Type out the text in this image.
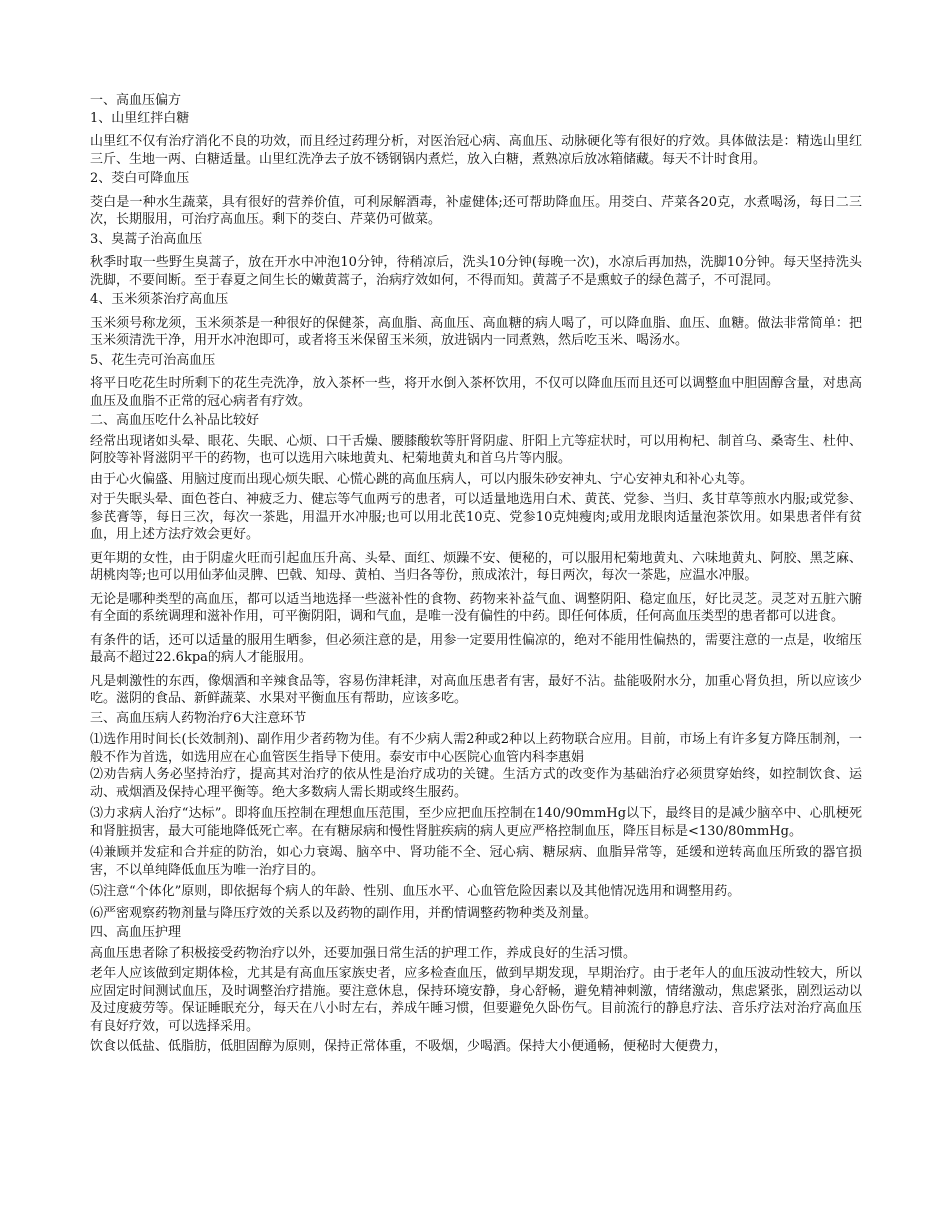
一、高血压偏方
1、山里红拌白糖

山里红不仅有治疗消化不良的功效，而且经过药理分析，对医治冠心病、高血压、动脉硬化等有很好的疗效。具体做法是：精选山里红三斤、生地一两、白糖适量。山里红洗净去子放不锈钢锅内煮烂，放入白糖，煮熟凉后放冰箱储藏。每天不计时食用。

2、茭白可降血压

茭白是一种水生蔬菜，具有很好的营养价值，可利尿解酒毒，补虚健体;还可帮助降血压。用茭白、芹菜各20克，水煮喝汤，每日二三次，长期服用，可治疗高血压。剩下的茭白、芹菜仍可做菜。

3、臭蒿子治高血压

秋季时取一些野生臭蒿子，放在开水中冲泡10分钟，待稍凉后，洗头10分钟(每晚一次)，水凉后再加热，洗脚10分钟。每天坚持洗头洗脚，不要间断。至于春夏之间生长的嫩黄蒿子，治病疗效如何，不得而知。黄蒿子不是熏蚊子的绿色蒿子，不可混同。

4、玉米须茶治疗高血压

玉米须号称龙须，玉米须茶是一种很好的保健茶，高血脂、高血压、高血糖的病人喝了，可以降血脂、血压、血糖。做法非常简单：把玉米须清洗干净，用开水冲泡即可，或者将玉米保留玉米须，放进锅内一同煮熟，然后吃玉米、喝汤水。

5、花生壳可治高血压

将平日吃花生时所剩下的花生壳洗净，放入茶杯一些，将开水倒入茶杯饮用，不仅可以降血压而且还可以调整血中胆固醇含量，对患高血压及血脂不正常的冠心病者有疗效。

二、高血压吃什么补品比较好

经常出现诸如头晕、眼花、失眠、心烦、口干舌燥、腰膝酸软等肝肾阴虚、肝阳上亢等症状时，可以用枸杞、制首乌、桑寄生、杜仲、阿胶等补肾滋阴平干的药物，也可以选用六味地黄丸、杞菊地黄丸和首乌片等内服。

由于心火偏盛、用脑过度而出现心烦失眠、心慌心跳的高血压病人，可以内服朱砂安神丸、宁心安神丸和补心丸等。

对于失眠头晕、面色苍白、神疲乏力、健忘等气血两亏的患者，可以适量地选用白术、黄芪、党参、当归、炙甘草等煎水内服;或党参、参芪膏等，每日三次，每次一茶匙，用温开水冲服;也可以用北芪10克、党参10克炖瘦肉;或用龙眼肉适量泡茶饮用。如果患者伴有贫血，用上述方法疗效会更好。

更年期的女性，由于阴虚火旺而引起血压升高、头晕、面红、烦躁不安、便秘的，可以服用杞菊地黄丸、六味地黄丸、阿胶、黑芝麻、胡桃肉等;也可以用仙茅仙灵脾、巴戟、知母、黄柏、当归各等份，煎成浓汁，每日两次，每次一茶匙，应温水冲服。

无论是哪种类型的高血压，都可以适当地选择一些滋补性的食物、药物来补益气血、调整阴阳、稳定血压，好比灵芝。灵芝对五脏六腑有全面的系统调理和滋补作用，可平衡阴阳，调和气血，是唯一没有偏性的中药。即任何体质，任何高血压类型的患者都可以进食。

有条件的话，还可以适量的服用生晒参，但必须注意的是，用参一定要用性偏凉的，绝对不能用性偏热的，需要注意的一点是，收缩压最高不超过22.6kpa的病人才能服用。

凡是刺激性的东西，像烟酒和辛辣食品等，容易伤津耗津，对高血压患者有害，最好不沾。盐能吸附水分，加重心肾负担，所以应该少吃。滋阴的食品、新鲜蔬菜、水果对平衡血压有帮助，应该多吃。

三、高血压病人药物治疗6大注意环节

⑴选作用时间长(长效制剂)、副作用少者药物为佳。有不少病人需2种或2种以上药物联合应用。目前，市场上有许多复方降压制剂，一般不作为首选，如选用应在心血管医生指导下使用。泰安市中心医院心血管内科李惠娟

⑵劝告病人务必坚持治疗，提高其对治疗的依从性是治疗成功的关键。生活方式的改变作为基础治疗必须贯穿始终，如控制饮食、运动、戒烟酒及保持心理平衡等。绝大多数病人需长期或终生服药。

⑶力求病人治疗“达标”。即将血压控制在理想血压范围，至少应把血压控制在140/90mmHg以下，最终目的是减少脑卒中、心肌梗死和肾脏损害，最大可能地降低死亡率。在有糖尿病和慢性肾脏疾病的病人更应严格控制血压，降压目标是<130/80mmHg。

⑷兼顾并发症和合并症的防治，如心力衰竭、脑卒中、肾功能不全、冠心病、糖尿病、血脂异常等，延缓和逆转高血压所致的器官损害，不以单纯降低血压为唯一治疗目的。

⑸注意“个体化”原则，即依据每个病人的年龄、性别、血压水平、心血管危险因素以及其他情况选用和调整用药。

⑹严密观察药物剂量与降压疗效的关系以及药物的副作用，并酌情调整药物种类及剂量。

四、高血压护理

高血压患者除了积极接受药物治疗以外，还要加强日常生活的护理工作，养成良好的生活习惯。

老年人应该做到定期体检，尤其是有高血压家族史者，应多检查血压，做到早期发现，早期治疗。由于老年人的血压波动性较大，所以应固定时间测试血压，及时调整治疗措施。要注意休息，保持环境安静，身心舒畅，避免精神刺激，情绪激动，焦虑紧张，剧烈运动以及过度疲劳等。保证睡眠充分，每天在八小时左右，养成午睡习惯，但要避免久卧伤气。目前流行的静息疗法、音乐疗法对治疗高血压有良好疗效，可以选择采用。

饮食以低盐、低脂肪，低胆固醇为原则，保持正常体重，不吸烟，少喝酒。保持大小便通畅，便秘时大便费力，
